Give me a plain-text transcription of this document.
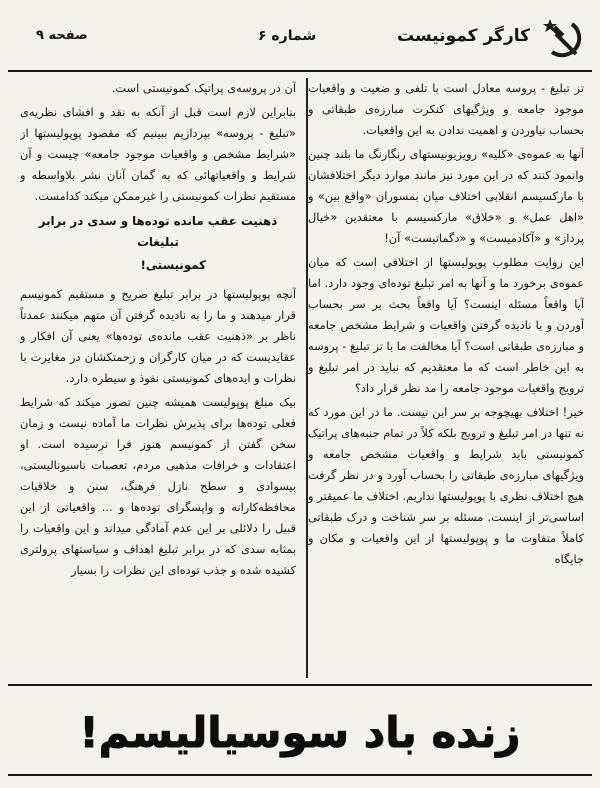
کارگر کمونیست
شماره ۶
صفحه ۹

تز تبلیغ - پروسه معادل است با تلفی و ضعیت و واقعیات موجود جامعه و ویژگیهای کنکرت مبارزه‌ی طبقاتی و بحساب نیاوردن و اهمیت ندادن به این واقعیات.

آنها به عموه‌ی «کلیه» رویزیونیستهای رنگارنگ ما بلند چنین وانمود کنند که در این مورد نیز مانند موارد دیگر اختلافشان با مارکسیسم انقلابی اختلاف میان بمسوران «واقع بین» و «اهل عمل» و «خلاق» مارکسیسم با معتقدین «خیال پرداز» و «آکادمیست» و «دگماتیست» آن!

این روایت مطلوب پوپولیستها از اختلافی است که میان عموه‌ی برخورد ما و آنها به امر تبلیغ توده‌ای وجود دارد. اما آیا واقعاً مسئله اینست؟ آیا واقعاً بحث بر سر بحساب آوردن و یا نادیده گرفتن واقعیات و شرایط مشخص جامعه و مبارزه‌ی طبقاتی است؟ آیا مخالفت ما با تز تبلیغ - پروسه به این خاطر است که ما معتقدیم که نباید در امر تبلیغ و ترویج واقعیات موجود جامعه را مد نظر قرار داد؟

خیر! اختلاف بهیچوجه بر سر این نیست. ما در این مورد که نه تنها در امر تبلیغ و ترویج بلکه کلاً در تمام جنبه‌های پراتیک کمونیستی باید شرایط و واقعیات مشخص جامعه و ویژگیهای مبارزه‌ی طبقاتی را بحساب آورد و در نظر گرفت هیچ اختلاف نظری با پوپولیستها نداریم. اختلاف ما عمیقتر و اساسی‌تر از اینست. مسئله بر سر شناخت و درک طبقاتی کاملاً متفاوت ما و پوپولیستها از این واقعیات و مکان و جایگاه

آن در پروسه‌ی پراتیک کمونیستی است.

بنابراین لازم است قبل از آنکه به نقد و افشای نظریه‌ی «تبلیغ - پروسه» بپردازیم ببینیم که مقصود پوپولیستها از «شرایط مشخص و واقعیات موجود جامعه» چیست و آن شرایط و واقعیاتهائی که به گمان آنان نشر بلاواسطه و مستقیم نظرات کمونیستی را غیرممکن میکند کدامست.

ذهنیت عقب مانده توده‌ها و سدی در برابر تبلیغات

کمونیستی!

آنچه پوپولیستها در برابر تبلیغ صریح و مستقیم کمونیسم قرار میدهند و ما را به نادیده گرفتن آن متهم میکنند عمدتاً ناظر بر «ذهنیت عقب مانده‌ی توده‌ها» یعنی آن افکار و عقایدیست که در میان کارگران و زحمتکشان در مغایرت با نظرات و ایده‌های کمونیستی نفوذ و سیطره دارد.

بیک مبلغ پوپولیست همیشه چنین تصور میکند که شرایط فعلی توده‌ها برای پذیرش نظرات ما آماده نیست و زمان سخن گفتن از کمونیسم هنوز فرا نرسیده است. او اعتقادات و خرافات مذهبی مردم، تعصبات ناسیونالیستی، بیسوادی و سطح نازل فرهنگ، سنن و خلاقیات محافظه‌کارانه و واپسگرای توده‌ها و ... واقعیاتی از این قبیل را دلائلی بر این عدم آمادگی میداند و این واقعیات را بمثابه سدی که در برابر تبلیغ اهداف و سیاستهای پرولتری کشیده شده و جذب توده‌ای این نظرات را بسیار

زنده باد سوسیالیسم!
